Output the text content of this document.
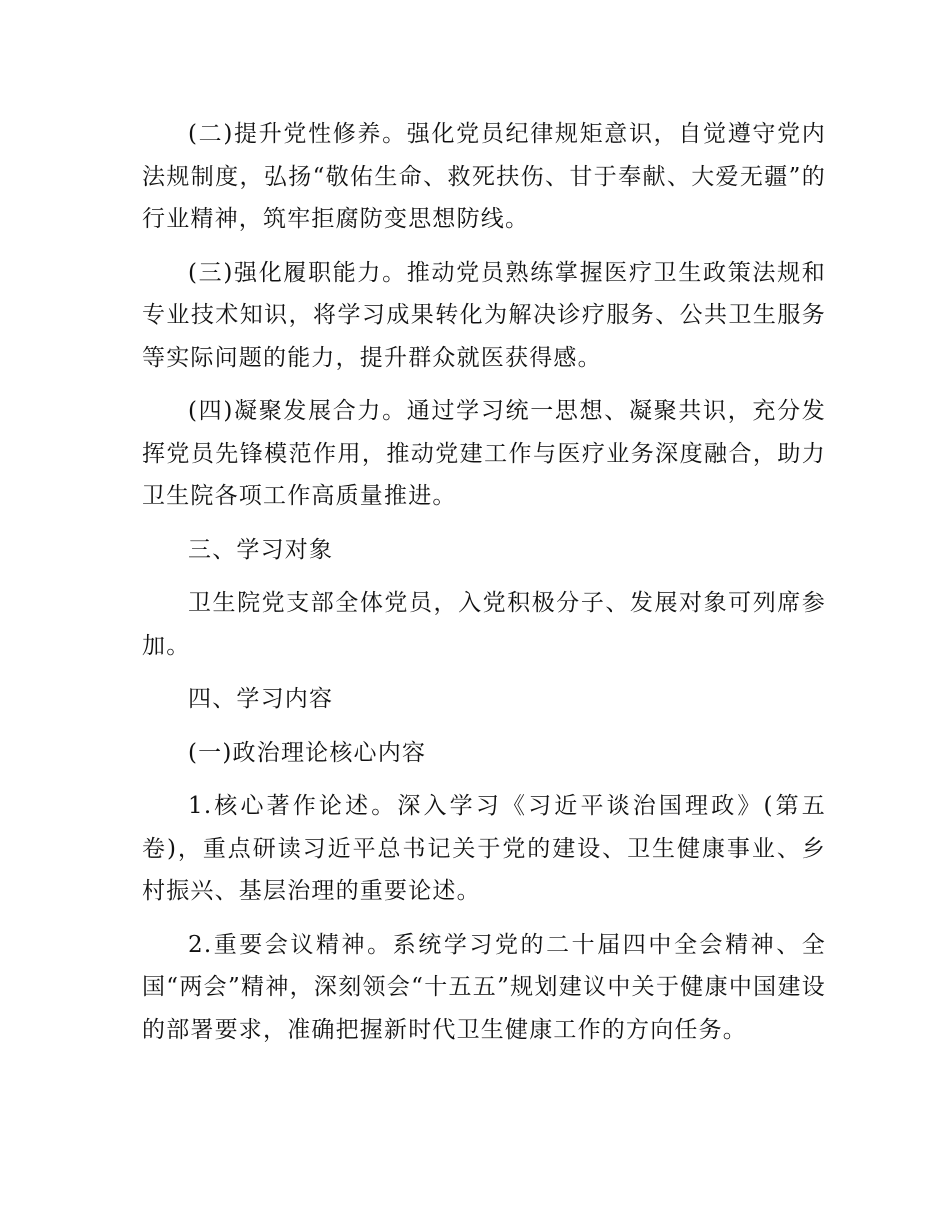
(二)提升党性修养。强化党员纪律规矩意识，自觉遵守党内法规制度，弘扬“敬佑生命、救死扶伤、甘于奉献、大爱无疆”的行业精神，筑牢拒腐防变思想防线。

(三)强化履职能力。推动党员熟练掌握医疗卫生政策法规和专业技术知识，将学习成果转化为解决诊疗服务、公共卫生服务等实际问题的能力，提升群众就医获得感。

(四)凝聚发展合力。通过学习统一思想、凝聚共识，充分发挥党员先锋模范作用，推动党建工作与医疗业务深度融合，助力卫生院各项工作高质量推进。

三、学习对象

卫生院党支部全体党员，入党积极分子、发展对象可列席参加。

四、学习内容

(一)政治理论核心内容

1.核心著作论述。深入学习《习近平谈治国理政》(第五卷)，重点研读习近平总书记关于党的建设、卫生健康事业、乡村振兴、基层治理的重要论述。

2.重要会议精神。系统学习党的二十届四中全会精神、全国“两会”精神，深刻领会“十五五”规划建议中关于健康中国建设的部署要求，准确把握新时代卫生健康工作的方向任务。
